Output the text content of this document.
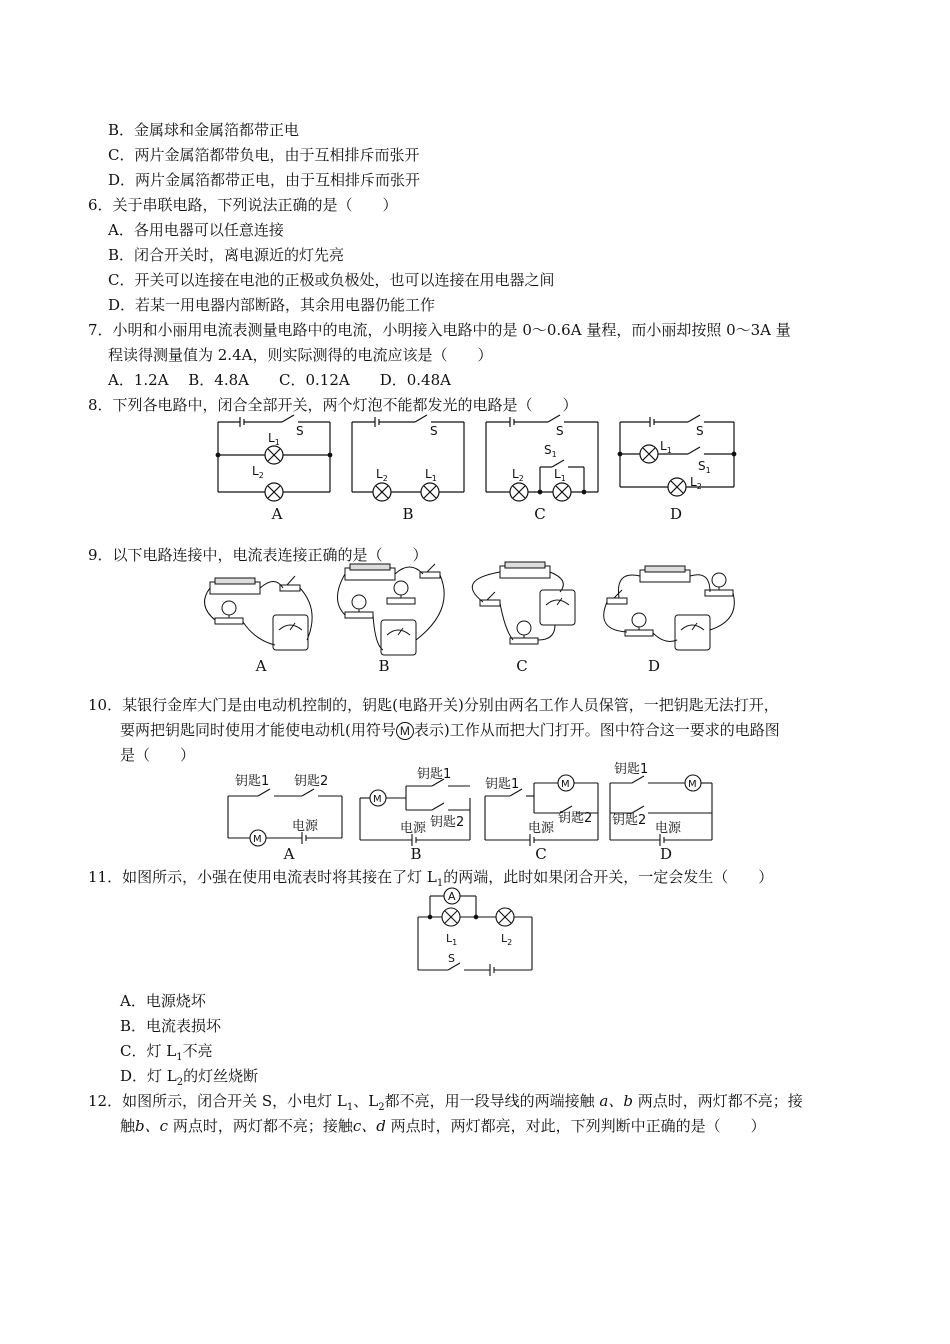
B．金属球和金属箔都带正电
C．两片金属箔都带负电，由于互相排斥而张开
D．两片金属箔都带正电，由于互相排斥而张开
6．关于串联电路，下列说法正确的是（　　）
A．各用电器可以任意连接
B．闭合开关时，离电源近的灯先亮
C．开关可以连接在电池的正极或负极处，也可以连接在用电器之间
D．若某一用电器内部断路，其余用电器仍能工作
7．小明和小丽用电流表测量电路中的电流，小明接入电路中的是 0～0.6A 量程，而小丽却按照 0～3A 量
程读得测量值为 2.4A，则实际测得的电流应该是（　　）
A．1.2A　 B．4.8A　　C．0.12A　　D．0.48A
8．下列各电路中，闭合全部开关，两个灯泡不能都发光的电路是（　　）
S
$L_1$
$L_2$
S
$L_2$	$L_1$
S
$S_1$
$L_2$	$L_1$
S
$L_1$
$S_1$
$L_2$
A	B	C	D
9．以下电路连接中，电流表连接正确的是（　　）
A	B	C	D
10．某银行金库大门是由电动机控制的，钥匙(电路开关)分别由两名工作人员保管，一把钥匙无法打开，
要两把钥匙同时使用才能使电动机(用符号 M 表示)工作从而把大门打开。图中符合这一要求的电路图
是（　　）
钥匙1 钥匙2
M
电源
M
钥匙1
钥匙2
电源
钥匙1	M
钥匙2
电源
钥匙1
M
钥匙2
电源
A	B	C	D
11．如图所示，小强在使用电流表时将其接在了灯 $L_1$的两端，此时如果闭合开关，一定会发生（　　）
A
$L_1$	$L_2$
S
A．电源烧坏
B．电流表损坏
C．灯 $L_1$不亮
D．灯 $L_2$的灯丝烧断
12．如图所示，闭合开关 S，小电灯 $L_1$、$L_2$都不亮，用一段导线的两端接触 a、b 两点时，两灯都不亮；接
触b、c 两点时，两灯都不亮；接触c、d 两点时，两灯都亮，对此，下列判断中正确的是（　　）
